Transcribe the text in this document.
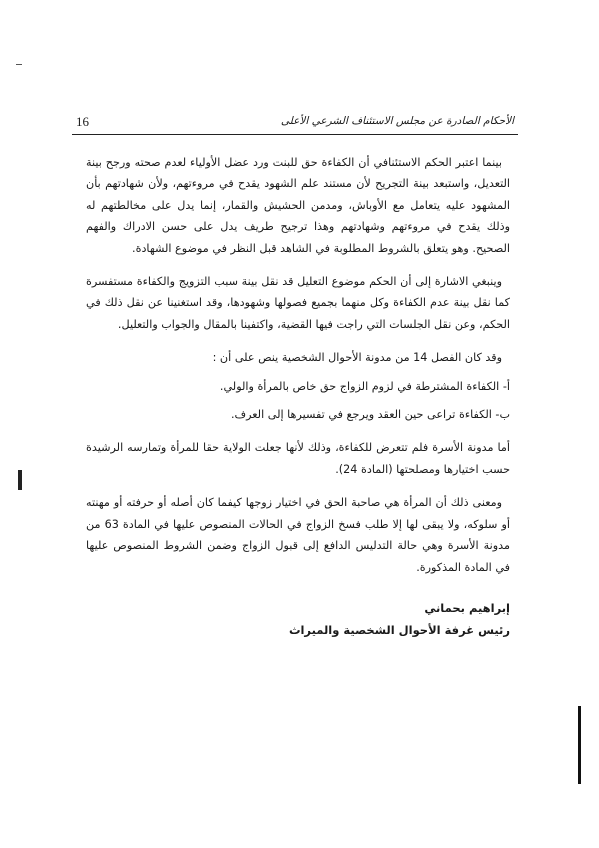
16	الأحكام الصادرة عن مجلس الاستئناف الشرعي الأعلى

بينما اعتبر الحكم الاستئنافي أن الكفاءة حق للبنت ورد عضل الأولياء لعدم صحته ورجح بينة التعديل، واستبعد بينة التجريح لأن مستند علم الشهود يقدح في مروءتهم، ولأن شهادتهم بأن المشهود عليه يتعامل مع الأوباش، ومدمن الحشيش والقمار، إنما يدل على مخالطتهم له وذلك يقدح في مروءتهم وشهادتهم وهذا ترجيح طريف يدل على حسن الادراك والفهم الصحيح. وهو يتعلق بالشروط المطلوبة في الشاهد قبل النظر في موضوع الشهادة.

وينبغي الاشارة إلى أن الحكم موضوع التعليل قد نقل بينة سبب التزويج والكفاءة مستفسرة كما نقل بينة عدم الكفاءة وكل منهما بجميع فصولها وشهودها، وقد استغنينا عن نقل ذلك في الحكم، وعن نقل الجلسات التي راجت فيها القضية، واكتفينا بالمقال والجواب والتعليل.

وقد كان الفصل 14 من مدونة الأحوال الشخصية ينص على أن :

أ- الكفاءة المشترطة في لزوم الزواج حق خاص بالمرأة والولي.

ب- الكفاءة تراعى حين العقد ويرجع في تفسيرها إلى العرف.

أما مدونة الأسرة فلم تتعرض للكفاءة، وذلك لأنها جعلت الولاية حقا للمرأة وتمارسه الرشيدة حسب اختيارها ومصلحتها (المادة 24).

ومعنى ذلك أن المرأة هي صاحبة الحق في اختيار زوجها كيفما كان أصله أو حرفته أو مهنته أو سلوكه، ولا يبقى لها إلا طلب فسخ الزواج في الحالات المنصوص عليها في المادة 63 من مدونة الأسرة وهي حالة التدليس الدافع إلى قبول الزواج وضمن الشروط المنصوص عليها في المادة المذكورة.

إبراهيم بحماني
رئيس غرفة الأحوال الشخصية والميراث
